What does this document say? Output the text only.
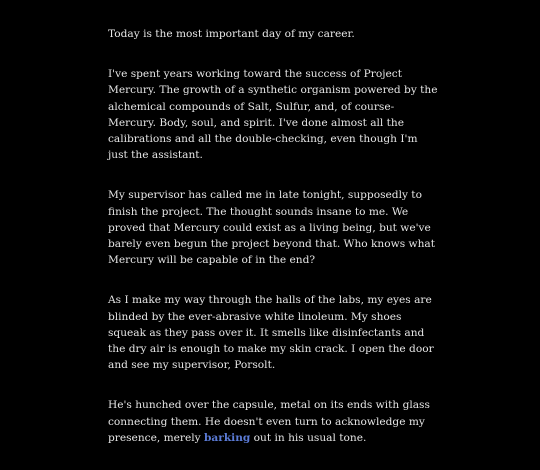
Today is the most important day of my career.

I've spent years working toward the success of Project Mercury. The growth of a synthetic organism powered by the alchemical compounds of Salt, Sulfur, and, of course- Mercury. Body, soul, and spirit. I've done almost all the calibrations and all the double-checking, even though I'm just the assistant.

My supervisor has called me in late tonight, supposedly to finish the project. The thought sounds insane to me. We proved that Mercury could exist as a living being, but we've barely even begun the project beyond that. Who knows what Mercury will be capable of in the end?

As I make my way through the halls of the labs, my eyes are blinded by the ever-abrasive white linoleum. My shoes squeak as they pass over it. It smells like disinfectants and the dry air is enough to make my skin crack. I open the door and see my supervisor, Porsolt.

He's hunched over the capsule, metal on its ends with glass connecting them. He doesn't even turn to acknowledge my presence, merely barking out in his usual tone.
